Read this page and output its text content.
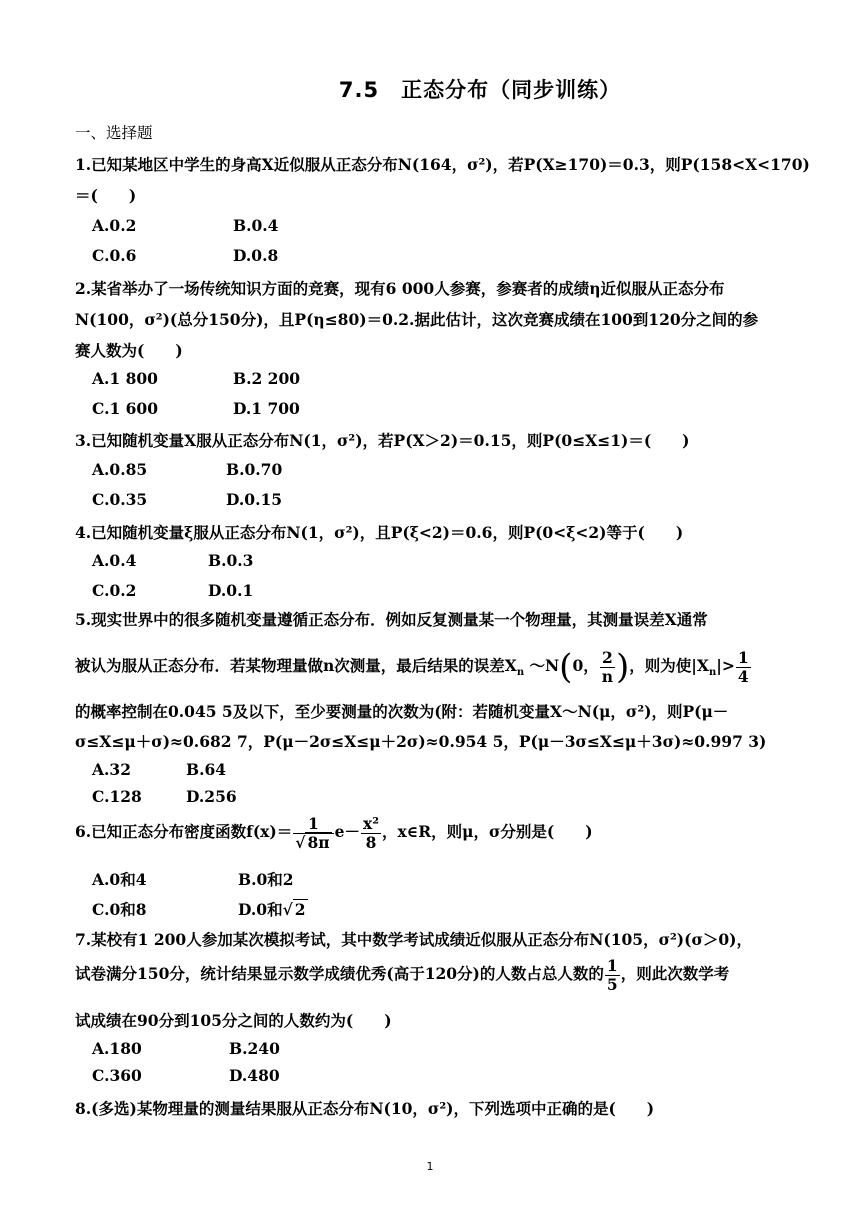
7.5　正态分布（同步训练）
一、选择题
1.已知某地区中学生的身高X近似服从正态分布N(164，σ²)，若P(X≥170)＝0.3，则P(158<X<170)
＝(　　)
A.0.2	B.0.4
C.0.6	D.0.8
2.某省举办了一场传统知识方面的竞赛，现有6 000人参赛，参赛者的成绩η近似服从正态分布
N(100，σ²)(总分150分)，且P(η≤80)＝0.2.据此估计，这次竞赛成绩在100到120分之间的参
赛人数为(　　)
A.1 800	B.2 200
C.1 600	D.1 700
3.已知随机变量X服从正态分布N(1，σ²)，若P(X＞2)＝0.15，则P(0≤X≤1)＝(　　)
A.0.85	B.0.70
C.0.35	D.0.15
4.已知随机变量ξ服从正态分布N(1，σ²)，且P(ξ<2)＝0.6，则P(0<ξ<2)等于(　　)
A.0.4	B.0.3
C.0.2	D.0.1
5.现实世界中的很多随机变量遵循正态分布．例如反复测量某一个物理量，其测量误差X通常
被认为服从正态分布．若某物理量做n次测量，最后结果的误差$X_n$ ～N(0， $\frac{2}{n}$ )，则为使$|X_n|> \frac{1}{4}$
的概率控制在0.045 5及以下，至少要测量的次数为(附：若随机变量X～N(μ，σ²)，则P(μ－
σ≤X≤μ＋σ)≈0.682 7，P(μ－2σ≤X≤μ＋2σ)≈0.954 5，P(μ－3σ≤X≤μ＋3σ)≈0.997 3)
A.32	B.64
C.128	D.256
6.已知正态分布密度函数$f(x)= \frac{1}{√ 8\pi} e- \frac{\text{x²}}{8}$ ，x∈R，则μ，σ分别是(　　)
A.0和4	B.0和2
C.0和8	D.0和√ 2
7.某校有1 200人参加某次模拟考试，其中数学考试成绩近似服从正态分布N(105，σ²)(σ＞0)，
试卷满分150分，统计结果显示数学成绩优秀(高于120分)的人数占总人数的 $\frac{1}{5}$ ，则此次数学考
试成绩在90分到105分之间的人数约为(　　)
A.180	B.240
C.360	D.480
8.(多选)某物理量的测量结果服从正态分布N(10，σ²)，下列选项中正确的是(　　)
1
